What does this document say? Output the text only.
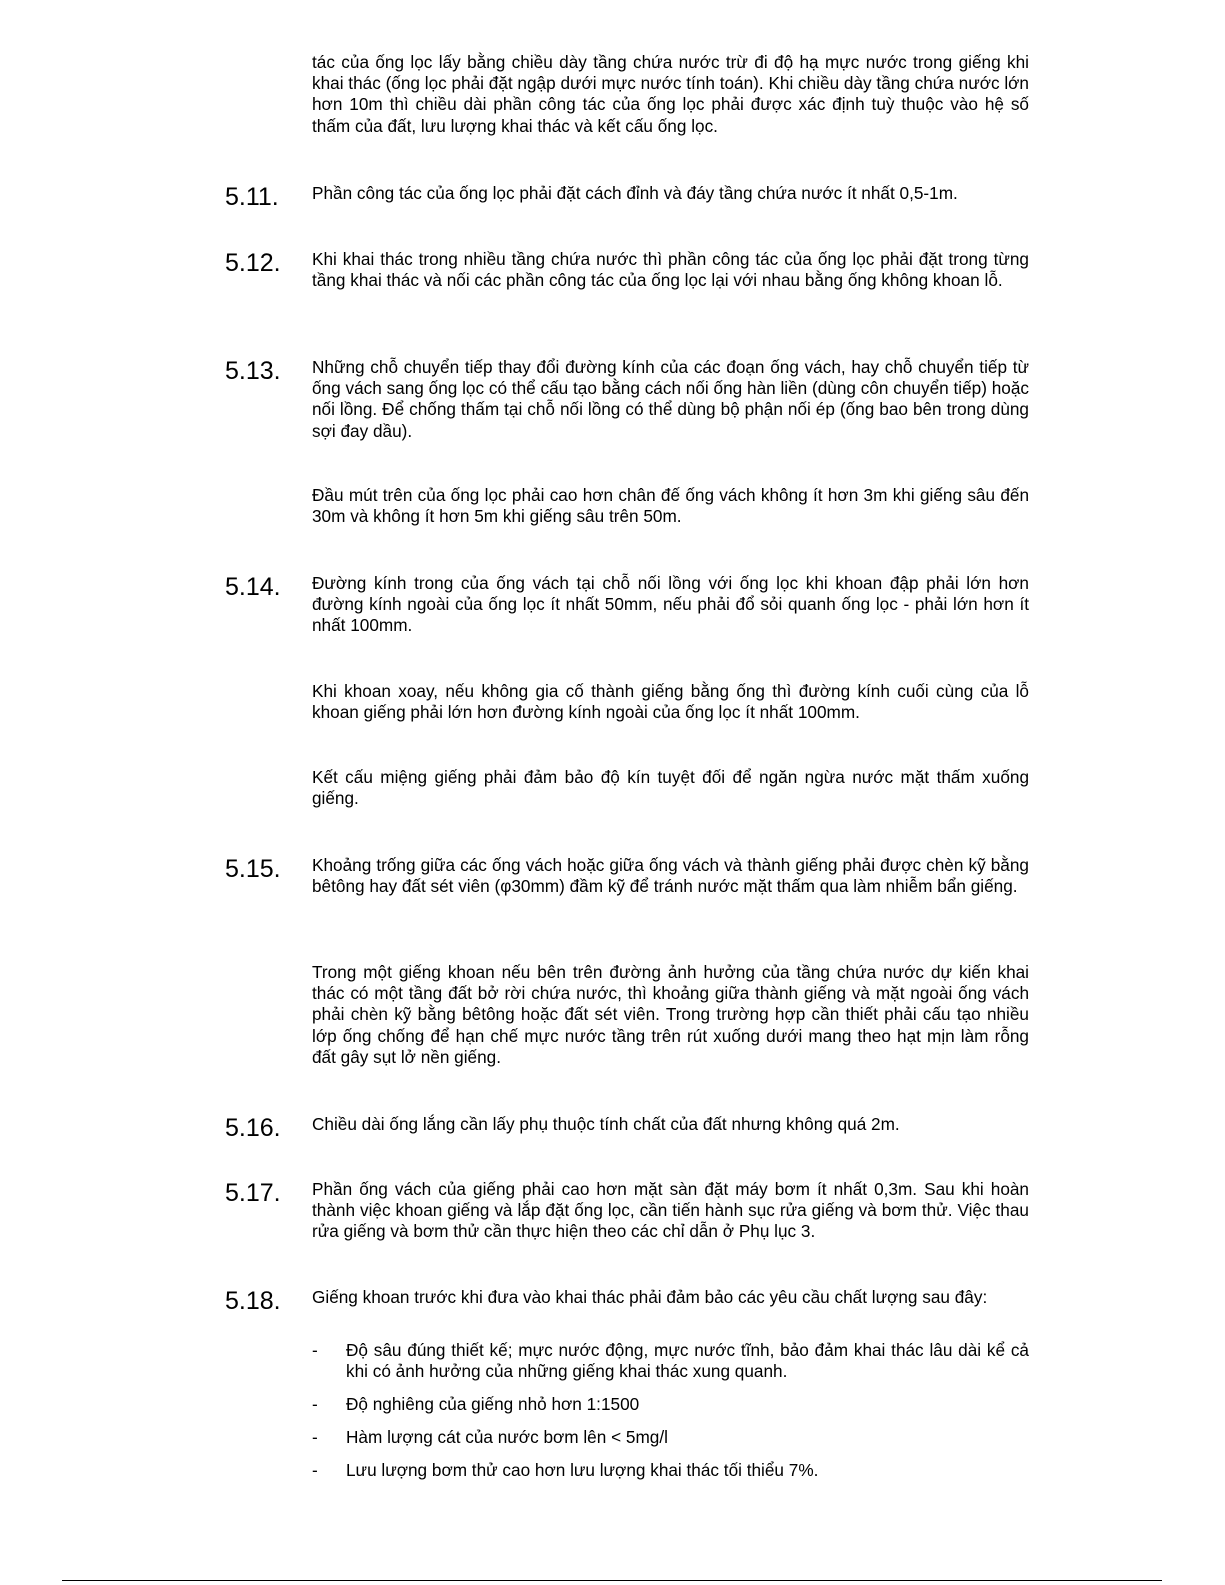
tác của ống lọc lấy bằng chiều dày tầng chứa nước trừ đi độ hạ mực nước trong giếng khi khai thác (ống lọc phải đặt ngập dưới mực nước tính toán). Khi chiều dày tầng chứa nước lớn hơn 10m thì chiều dài phần công tác của ống lọc phải được xác định tuỳ thuộc vào hệ số thấm của đất, lưu lượng khai thác và kết cấu ống lọc.

5.11. Phần công tác của ống lọc phải đặt cách đỉnh và đáy tầng chứa nước ít nhất 0,5-1m.

5.12. Khi khai thác trong nhiều tầng chứa nước thì phần công tác của ống lọc phải đặt trong từng tầng khai thác và nối các phần công tác của ống lọc lại với nhau bằng ống không khoan lỗ.

5.13. Những chỗ chuyển tiếp thay đổi đường kính của các đoạn ống vách, hay chỗ chuyển tiếp từ ống vách sang ống lọc có thể cấu tạo bằng cách nối ống hàn liền (dùng côn chuyển tiếp) hoặc nối lồng. Để chống thấm tại chỗ nối lồng có thể dùng bộ phận nối ép (ống bao bên trong dùng sợi đay dầu).

Đầu mút trên của ống lọc phải cao hơn chân đế ống vách không ít hơn 3m khi giếng sâu đến 30m và không ít hơn 5m khi giếng sâu trên 50m.

5.14. Đường kính trong của ống vách tại chỗ nối lồng với ống lọc khi khoan đập phải lớn hơn đường kính ngoài của ống lọc ít nhất 50mm, nếu phải đổ sỏi quanh ống lọc - phải lớn hơn ít nhất 100mm.

Khi khoan xoay, nếu không gia cố thành giếng bằng ống thì đường kính cuối cùng của lỗ khoan giếng phải lớn hơn đường kính ngoài của ống lọc ít nhất 100mm.

Kết cấu miệng giếng phải đảm bảo độ kín tuyệt đối để ngăn ngừa nước mặt thấm xuống giếng.

5.15. Khoảng trống giữa các ống vách hoặc giữa ống vách và thành giếng phải được chèn kỹ bằng bêtông hay đất sét viên (φ30mm) đầm kỹ để tránh nước mặt thấm qua làm nhiễm bẩn giếng.

Trong một giếng khoan nếu bên trên đường ảnh hưởng của tầng chứa nước dự kiến khai thác có một tầng đất bở rời chứa nước, thì khoảng giữa thành giếng và mặt ngoài ống vách phải chèn kỹ bằng bêtông hoặc đất sét viên. Trong trường hợp cần thiết phải cấu tạo nhiều lớp ống chống để hạn chế mực nước tầng trên rút xuống dưới mang theo hạt mịn làm rỗng đất gây sụt lở nền giếng.

5.16. Chiều dài ống lắng cần lấy phụ thuộc tính chất của đất nhưng không quá 2m.

5.17. Phần ống vách của giếng phải cao hơn mặt sàn đặt máy bơm ít nhất 0,3m. Sau khi hoàn thành việc khoan giếng và lắp đặt ống lọc, cần tiến hành sục rửa giếng và bơm thử. Việc thau rửa giếng và bơm thử cần thực hiện theo các chỉ dẫn ở Phụ lục 3.

5.18. Giếng khoan trước khi đưa vào khai thác phải đảm bảo các yêu cầu chất lượng sau đây:

- Độ sâu đúng thiết kế; mực nước động, mực nước tĩnh, bảo đảm khai thác lâu dài kể cả khi có ảnh hưởng của những giếng khai thác xung quanh.
- Độ nghiêng của giếng nhỏ hơn 1:1500
- Hàm lượng cát của nước bơm lên < 5mg/l
- Lưu lượng bơm thử cao hơn lưu lượng khai thác tối thiểu 7%.
